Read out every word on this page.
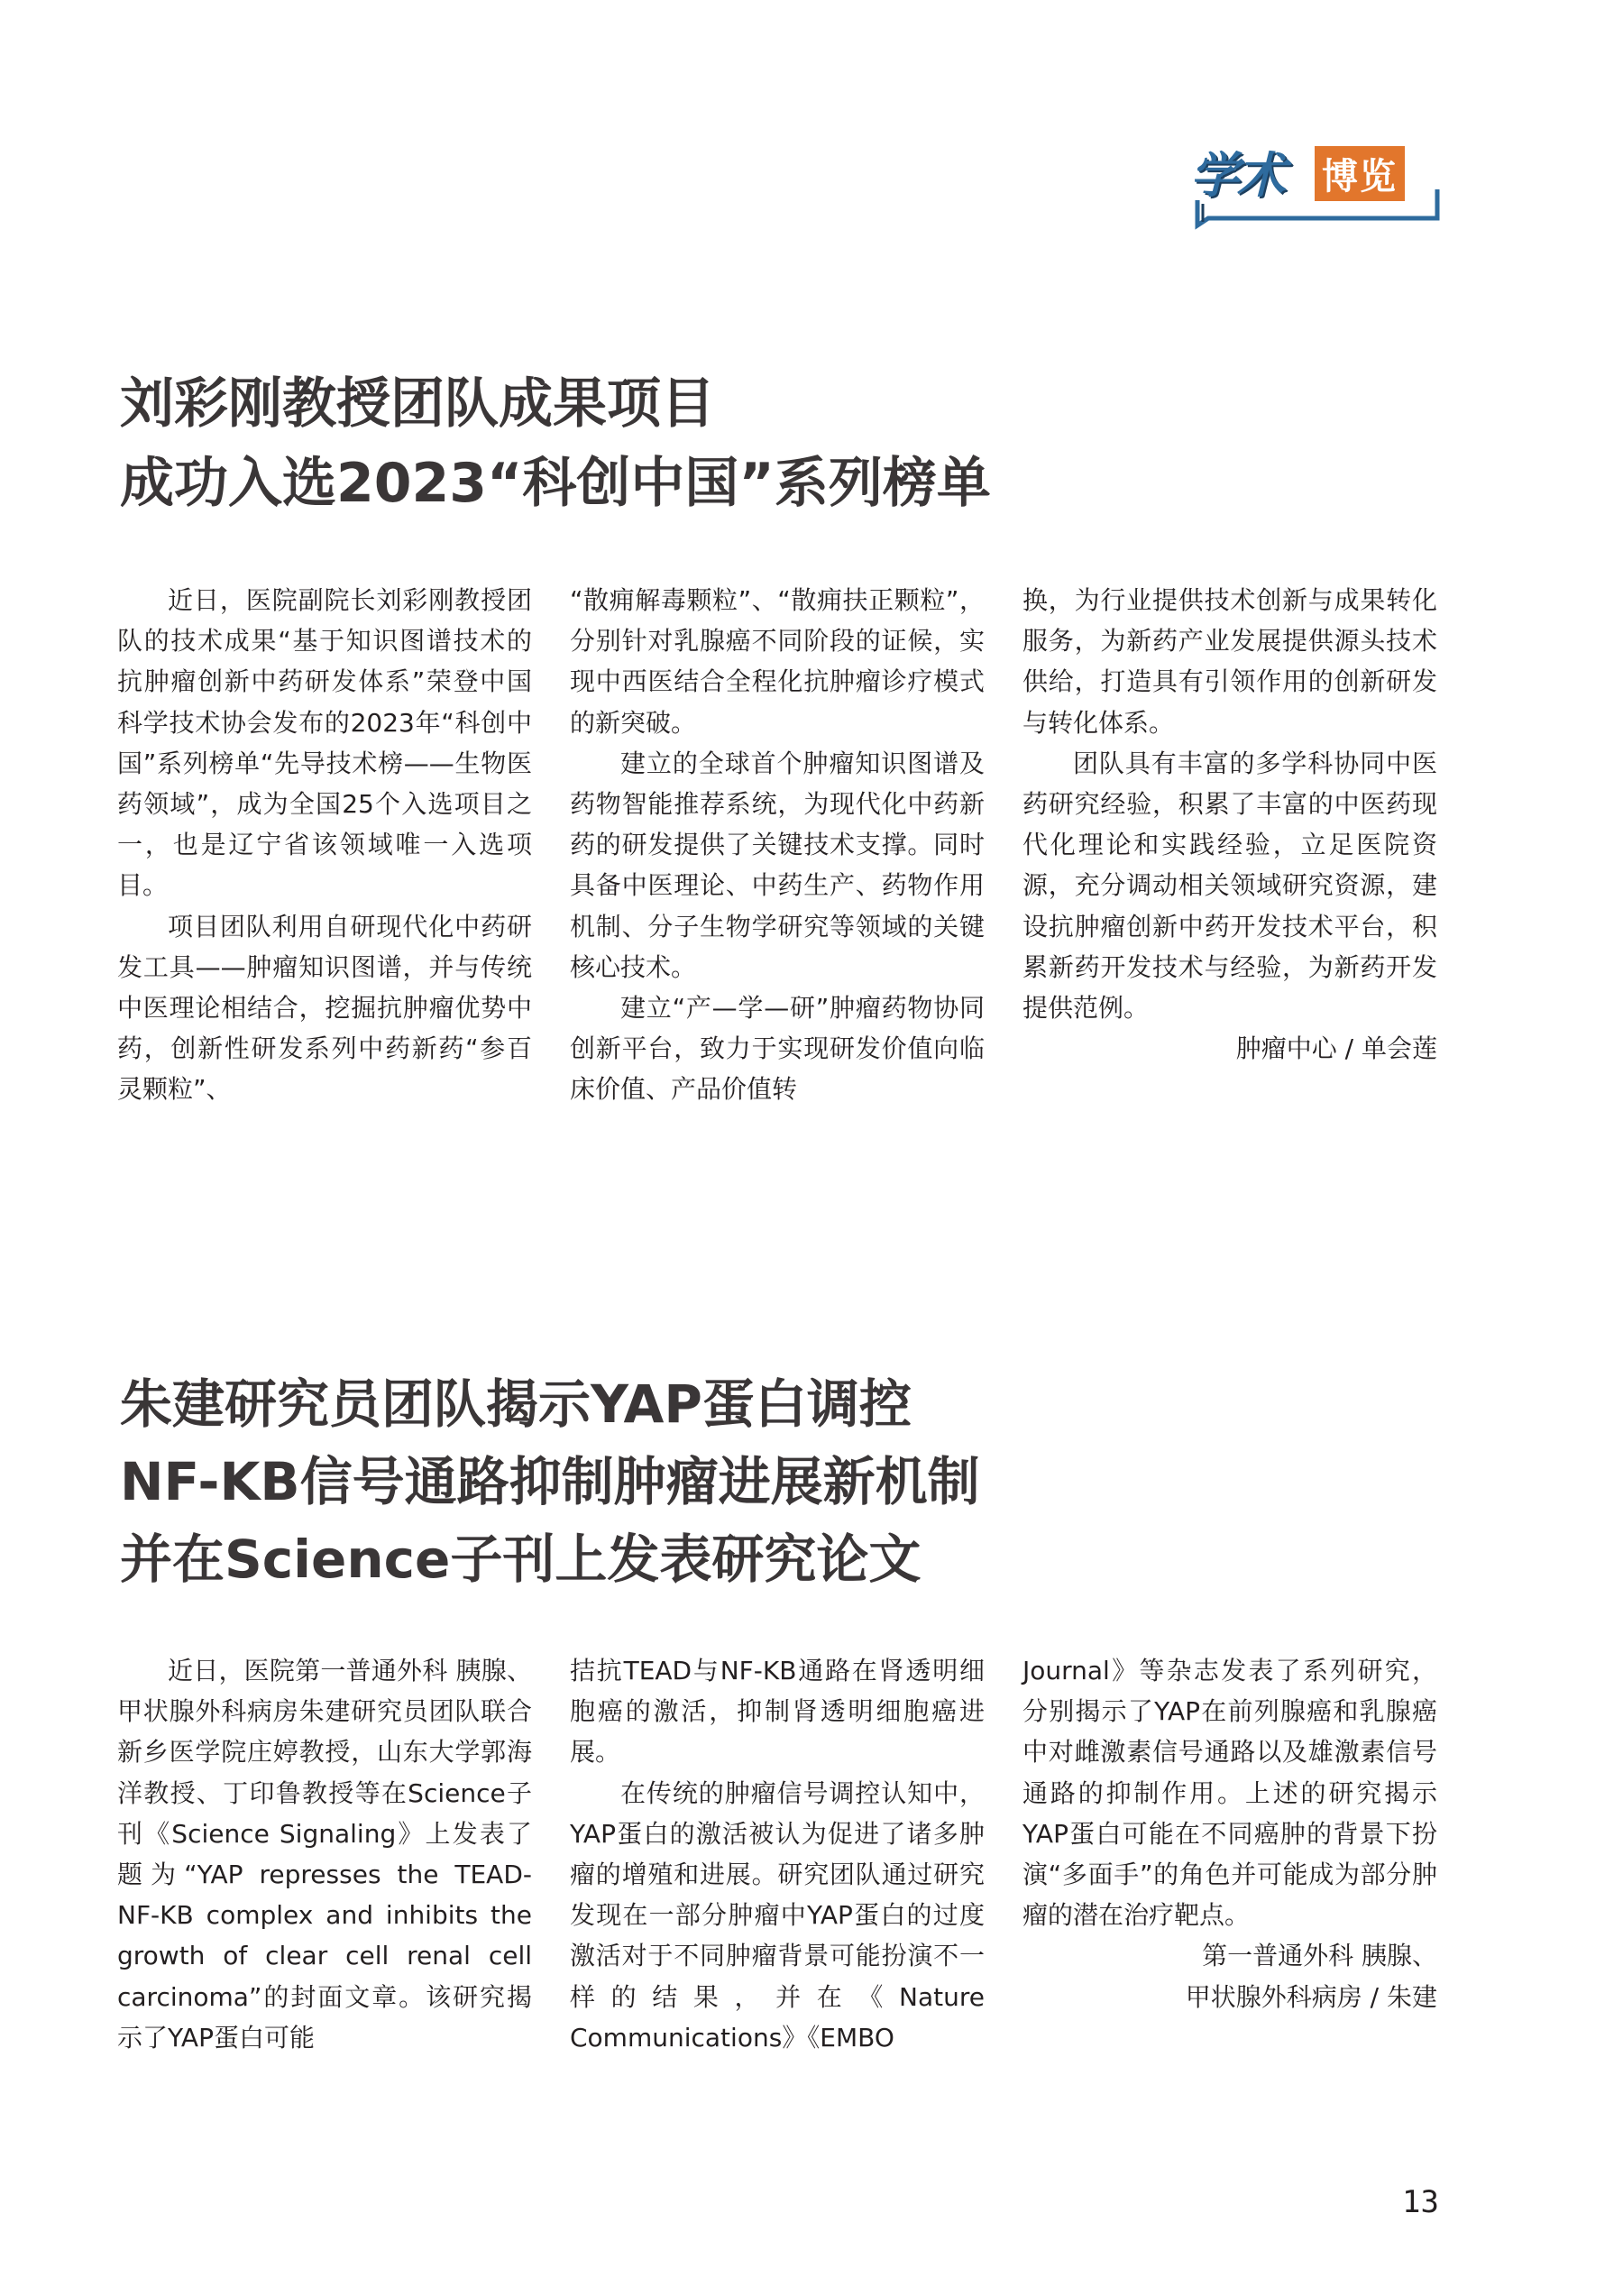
学术 博览
刘彩刚教授团队成果项目
成功入选2023“科创中国”系列榜单

近日，医院副院长刘彩刚教授团队的技术成果“基于知识图谱技术的抗肿瘤创新中药研发体系”荣登中国科学技术协会发布的2023年“科创中国”系列榜单“先导技术榜——生物医药领域”，成为全国25个入选项目之一，也是辽宁省该领域唯一入选项目。

项目团队利用自研现代化中药研发工具——肿瘤知识图谱，并与传统中医理论相结合，挖掘抗肿瘤优势中药，创新性研发系列中药新药“参百灵颗粒”、

“散痈解毒颗粒”、“散痈扶正颗粒”，分别针对乳腺癌不同阶段的证候，实现中西医结合全程化抗肿瘤诊疗模式的新突破。

建立的全球首个肿瘤知识图谱及药物智能推荐系统，为现代化中药新药的研发提供了关键技术支撑。同时具备中医理论、中药生产、药物作用机制、分子生物学研究等领域的关键核心技术。

建立“产—学—研”肿瘤药物协同创新平台，致力于实现研发价值向临床价值、产品价值转

换，为行业提供技术创新与成果转化服务，为新药产业发展提供源头技术供给，打造具有引领作用的创新研发与转化体系。

团队具有丰富的多学科协同中医药研究经验，积累了丰富的中医药现代化理论和实践经验，立足医院资源，充分调动相关领域研究资源，建设抗肿瘤创新中药开发技术平台，积累新药开发技术与经验，为新药开发提供范例。

肿瘤中心 / 单会莲

朱建研究员团队揭示YAP蛋白调控
NF-KB信号通路抑制肿瘤进展新机制
并在Science子刊上发表研究论文

近日，医院第一普通外科 胰腺、甲状腺外科病房朱建研究员团队联合新乡医学院庄婷教授，山东大学郭海洋教授、丁印鲁教授等在Science子刊《Science Signaling》上发表了题为“YAP represses the TEAD-NF-KB complex and inhibits the growth of clear cell renal cell carcinoma”的封面文章。该研究揭示了YAP蛋白可能

拮抗TEAD与NF-KB通路在肾透明细胞癌的激活，抑制肾透明细胞癌进展。

在传统的肿瘤信号调控认知中，YAP蛋白的激活被认为促进了诸多肿瘤的增殖和进展。研究团队通过研究发现在一部分肿瘤中YAP蛋白的过度激活对于不同肿瘤背景可能扮演不一样的结果，并在《Nature Communications》《EMBO

Journal》等杂志发表了系列研究，分别揭示了YAP在前列腺癌和乳腺癌中对雌激素信号通路以及雄激素信号通路的抑制作用。上述的研究揭示YAP蛋白可能在不同癌肿的背景下扮演“多面手”的角色并可能成为部分肿瘤的潜在治疗靶点。

第一普通外科 胰腺、

甲状腺外科病房 / 朱建

13
